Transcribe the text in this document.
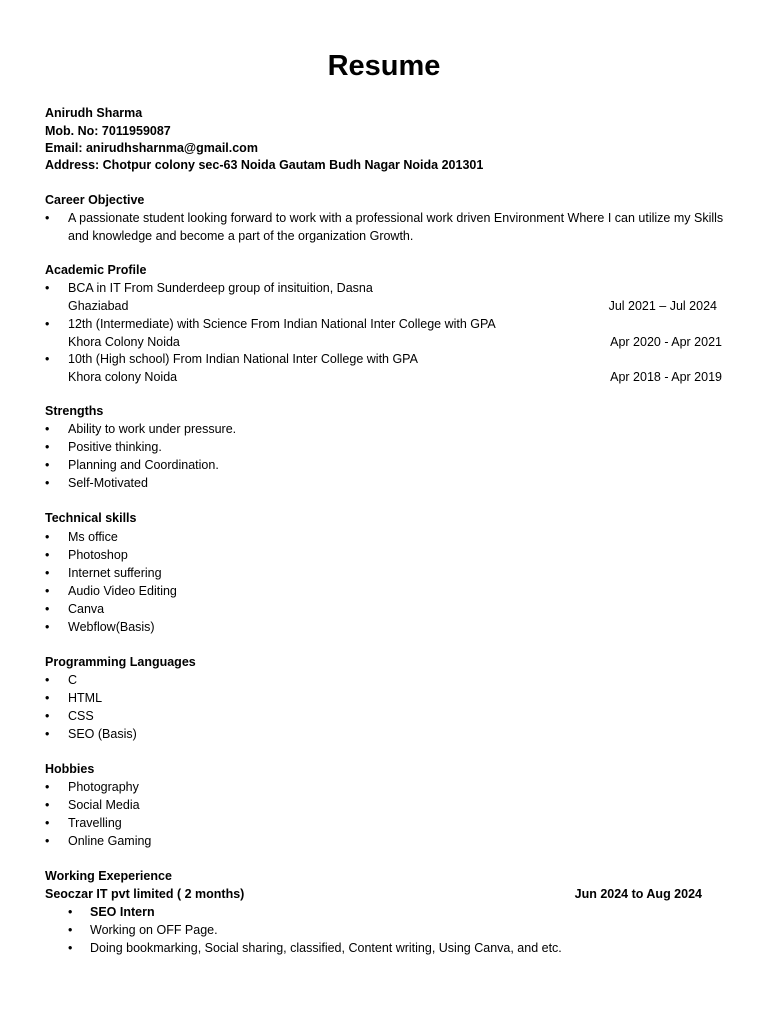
Resume
Anirudh Sharma
Mob. No: 7011959087
Email: anirudhsharnma@gmail.com
Address: Chotpur colony sec-63 Noida Gautam Budh Nagar Noida 201301
Career Objective
•	A passionate student looking forward to work with a professional work driven Environment Where I can utilize my Skills and knowledge and become a part of the organization Growth.
Academic Profile
•	BCA in IT From Sunderdeep group of insituition, Dasna
Ghaziabad	Jul 2021 – Jul 2024
•	12th (Intermediate) with Science From Indian National Inter College with GPA
Khora Colony Noida	Apr 2020 - Apr 2021
•	10th (High school) From Indian National Inter College with GPA
Khora colony Noida	Apr 2018 - Apr 2019
Strengths
•	Ability to work under pressure.
•	Positive thinking.
•	Planning and Coordination.
•	Self-Motivated
Technical skills
•	Ms office
•	Photoshop
•	Internet suffering
•	Audio Video Editing
•	Canva
•	Webflow(Basis)
Programming Languages
•	C
•	HTML
•	CSS
•	SEO (Basis)
Hobbies
•	Photography
•	Social Media
•	Travelling
•	Online Gaming
Working Exeperience
Seoczar IT pvt limited ( 2 months)	Jun 2024 to Aug 2024
•	SEO Intern
•	Working on OFF Page.
•	Doing bookmarking, Social sharing, classified, Content writing, Using Canva, and etc.
